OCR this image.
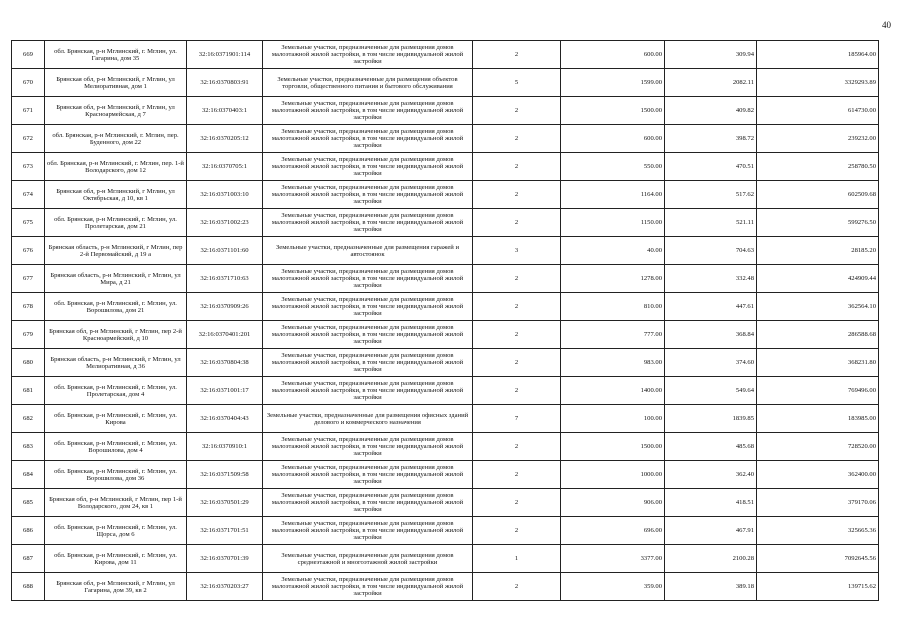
40
669	обл. Брянская, р-н Мглинский, г. Мглин, ул. Гагарина, дом 35	32:16:0371901:114	Земельные участки, предназначенные для размещения домов малоэтажной жилой застройки, в том числе индивидуальной жилой застройки	2	600.00	309.94	185964.00
670	Брянская обл, р-н Мглинский, г Мглин, ул Мелиоративная, дом 1	32:16:0370803:91	Земельные участки, предназначенные для размещения объектов торговли, общественного питания и бытового обслуживания	5	1599.00	2082.11	3329293.89
671	Брянская обл, р-н Мглинский, г Мглин, ул Красноармейская, д 7	32:16:0370403:1	Земельные участки, предназначенные для размещения домов малоэтажной жилой застройки, в том числе индивидуальной жилой застройки	2	1500.00	409.82	614730.00
672	обл. Брянская, р-н Мглинский, г. Мглин, пер. Буденного, дом 22	32:16:0370205:12	Земельные участки, предназначенные для размещения домов малоэтажной жилой застройки, в том числе индивидуальной жилой застройки	2	600.00	398.72	239232.00
673	обл. Брянская, р-н Мглинский, г. Мглин, пер. 1-й Володарского, дом 12	32:16:0370705:1	Земельные участки, предназначенные для размещения домов малоэтажной жилой застройки, в том числе индивидуальной жилой застройки	2	550.00	470.51	258780.50
674	Брянская обл, р-н Мглинский, г Мглин, ул Октябрьская, д 10, кв 1	32:16:0371003:10	Земельные участки, предназначенные для размещения домов малоэтажной жилой застройки, в том числе индивидуальной жилой застройки	2	1164.00	517.62	602509.68
675	обл. Брянская, р-н Мглинский, г. Мглин, ул. Пролетарская, дом 21	32:16:0371002:23	Земельные участки, предназначенные для размещения домов малоэтажной жилой застройки, в том числе индивидуальной жилой застройки	2	1150.00	521.11	599276.50
676	Брянская область, р-н Мглинский, г Мглин, пер 2-й Первомайский, д 19 а	32:16:0371101:60	Земельные участки, предназначенные для размещения гаражей и автостоянок	3	40.00	704.63	28185.20
677	Брянская область, р-н Мглинский, г Мглин, ул Мира, д 21	32:16:0371710:63	Земельные участки, предназначенные для размещения домов малоэтажной жилой застройки, в том числе индивидуальной жилой застройки	2	1278.00	332.48	424909.44
678	обл. Брянская, р-н Мглинский, г. Мглин, ул. Ворошилова, дом 21	32:16:0370909:26	Земельные участки, предназначенные для размещения домов малоэтажной жилой застройки, в том числе индивидуальной жилой застройки	2	810.00	447.61	362564.10
679	Брянская обл, р-н Мглинский, г Мглин, пер 2-й Красноармейский, д 10	32:16:0370401:201	Земельные участки, предназначенные для размещения домов малоэтажной жилой застройки, в том числе индивидуальной жилой застройки	2	777.00	368.84	286588.68
680	Брянская область, р-н Мглинский, г Мглин, ул Мелиоративная, д 36	32:16:0370804:38	Земельные участки, предназначенные для размещения домов малоэтажной жилой застройки, в том числе индивидуальной жилой застройки	2	983.00	374.60	368231.80
681	обл. Брянская, р-н Мглинский, г. Мглин, ул. Пролетарская, дом 4	32:16:0371001:17	Земельные участки, предназначенные для размещения домов малоэтажной жилой застройки, в том числе индивидуальной жилой застройки	2	1400.00	549.64	769496.00
682	обл. Брянская, р-н Мглинский, г. Мглин, ул. Кирова	32:16:0370404:43	Земельные участки, предназначенные для размещения офисных зданий делового и коммерческого назначения	7	100.00	1839.85	183985.00
683	обл. Брянская, р-н Мглинский, г. Мглин, ул. Ворошилова, дом 4	32:16:0370910:1	Земельные участки, предназначенные для размещения домов малоэтажной жилой застройки, в том числе индивидуальной жилой застройки	2	1500.00	485.68	728520.00
684	обл. Брянская, р-н Мглинский, г. Мглин, ул. Ворошилова, дом 36	32:16:0371509:58	Земельные участки, предназначенные для размещения домов малоэтажной жилой застройки, в том числе индивидуальной жилой застройки	2	1000.00	362.40	362400.00
685	Брянская обл, р-н Мглинский, г Мглин, пер 1-й Володарского, дом 24, кв 1	32:16:0370501:29	Земельные участки, предназначенные для размещения домов малоэтажной жилой застройки, в том числе индивидуальной жилой застройки	2	906.00	418.51	379170.06
686	обл. Брянская, р-н Мглинский, г. Мглин, ул. Щорса, дом 6	32:16:0371701:51	Земельные участки, предназначенные для размещения домов малоэтажной жилой застройки, в том числе индивидуальной жилой застройки	2	696.00	467.91	325665.36
687	обл. Брянская, р-н Мглинский, г. Мглин, ул. Кирова, дом 11	32:16:0370701:39	Земельные участки, предназначенные для размещения домов среднеэтажной и многоэтажной жилой застройки	1	3377.00	2100.28	7092645.56
688	Брянская обл, р-н Мглинский, г Мглин, ул Гагарина, дом 39, кв 2	32:16:0370203:27	Земельные участки, предназначенные для размещения домов малоэтажной жилой застройки, в том числе индивидуальной жилой застройки	2	359.00	389.18	139715.62
